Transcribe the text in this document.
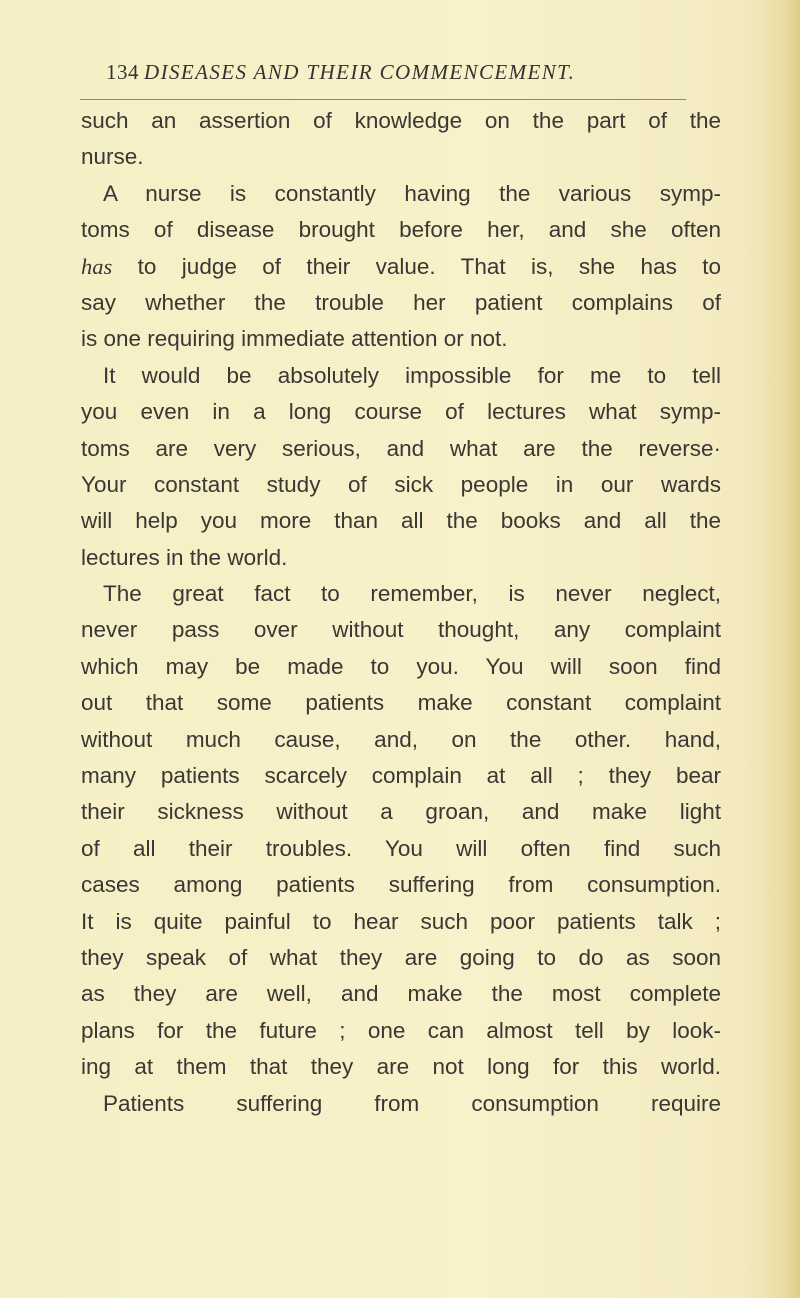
134 DISEASES AND THEIR COMMENCEMENT.
such an assertion of knowledge on the part of the
nurse.
A nurse is constantly having the various symp-
toms of disease brought before her, and she often
has to judge of their value. That is, she has to
say whether the trouble her patient complains of
is one requiring immediate attention or not.
It would be absolutely impossible for me to tell
you even in a long course of lectures what symp-
toms are very serious, and what are the reverse·
Your constant study of sick people in our wards
will help you more than all the books and all the
lectures in the world.
The great fact to remember, is never neglect,
never pass over without thought, any complaint
which may be made to you. You will soon find
out that some patients make constant complaint
without much cause, and, on the other. hand,
many patients scarcely complain at all ; they bear
their sickness without a groan, and make light
of all their troubles. You will often find such
cases among patients suffering from consumption.
It is quite painful to hear such poor patients talk ;
they speak of what they are going to do as soon
as they are well, and make the most complete
plans for the future ; one can almost tell by look-
ing at them that they are not long for this world.
Patients suffering from consumption require
